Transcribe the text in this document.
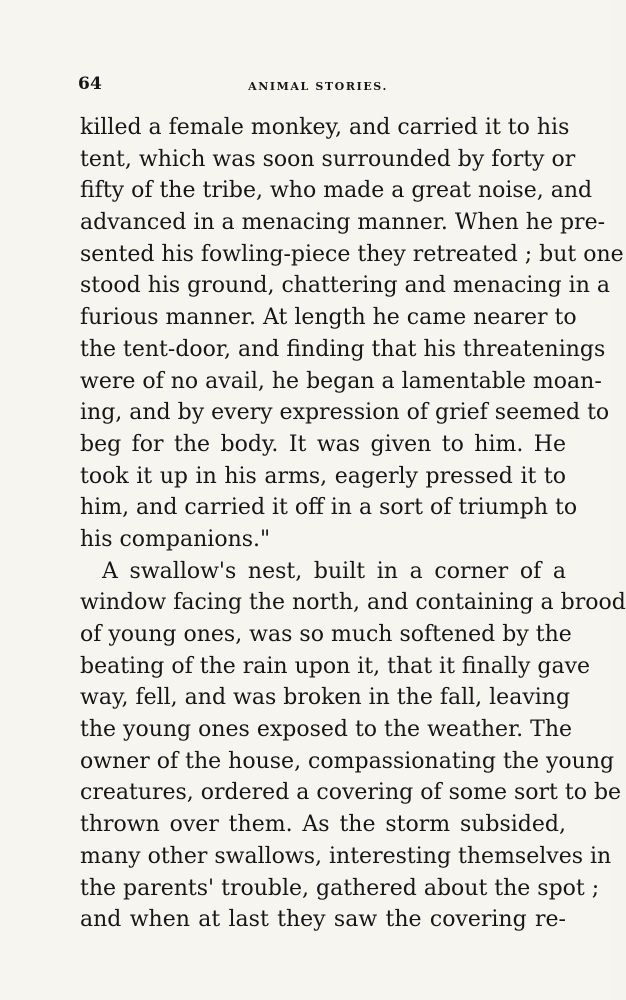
64	ANIMAL STORIES.
killed a female monkey, and carried it to his
tent, which was soon surrounded by forty or
fifty of the tribe, who made a great noise, and
advanced in a menacing manner. When he pre-
sented his fowling-piece they retreated ; but one
stood his ground, chattering and menacing in a
furious manner. At length he came nearer to
the tent-door, and finding that his threatenings
were of no avail, he began a lamentable moan-
ing, and by every expression of grief seemed to
beg for the body. It was given to him. He
took it up in his arms, eagerly pressed it to
him, and carried it off in a sort of triumph to
his companions."
A swallow's nest, built in a corner of a
window facing the north, and containing a brood
of young ones, was so much softened by the
beating of the rain upon it, that it finally gave
way, fell, and was broken in the fall, leaving
the young ones exposed to the weather. The
owner of the house, compassionating the young
creatures, ordered a covering of some sort to be
thrown over them. As the storm subsided,
many other swallows, interesting themselves in
the parents' trouble, gathered about the spot ;
and when at last they saw the covering re-
